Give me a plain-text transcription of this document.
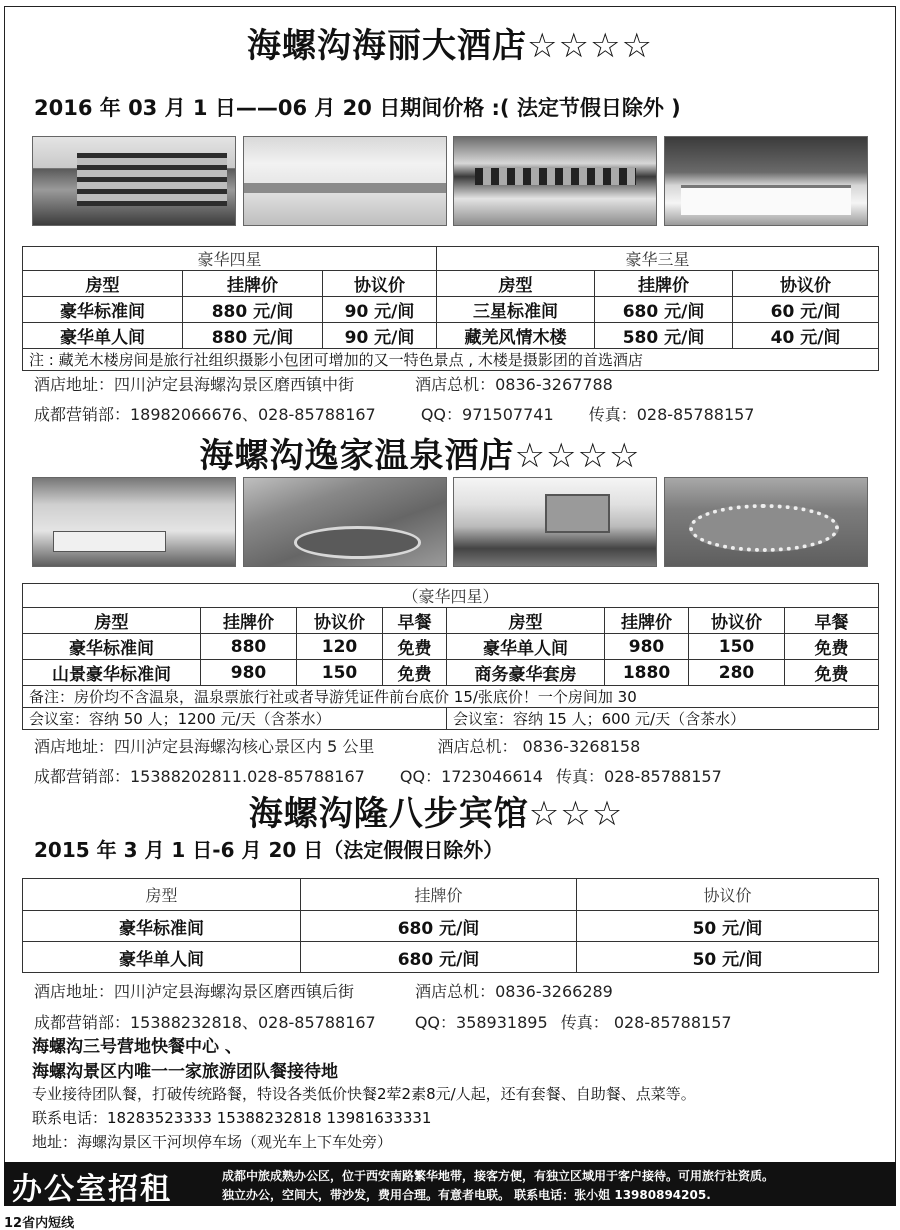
海螺沟海丽大酒店☆☆☆☆
2016 年 03 月 1 日——06 月 20 日期间价格 :( 法定节假日除外 )
豪华四星			豪华三星		
房型	挂牌价	协议价	房型	挂牌价	协议价
豪华标准间	880 元/间	90 元/间	三星标准间	680 元/间	60 元/间
豪华单人间	880 元/间	90 元/间	藏羌风情木楼	580 元/间	40 元/间
注 : 藏羌木楼房间是旅行社组织摄影小包团可增加的又一特色景点 , 木楼是摄影团的首选酒店					
酒店地址：四川泸定县海螺沟景区磨西镇中街	酒店总机：0836-3267788
成都营销部：18982066676、028-85788167	QQ：971507741 传真：028-85788157
海螺沟逸家温泉酒店☆☆☆☆
（豪华四星）							
房型	挂牌价	协议价	早餐	房型	挂牌价	协议价	早餐
豪华标准间	880	120	免费	豪华单人间	980	150	免费
山景豪华标准间	980	150	免费	商务豪华套房	1880	280	免费
备注：房价均不含温泉，温泉票旅行社或者导游凭证件前台底价 15/张底价！一个房间加 30							
会议室：容纳 50 人；1200 元/天（含茶水）				会议室：容纳 15 人；600 元/天（含茶水）			
酒店地址：四川泸定县海螺沟核心景区内 5 公里	酒店总机： 0836-3268158
成都营销部：15388202811.028-85788167 QQ：1723046614 传真：028-85788157
海螺沟隆八步宾馆☆☆☆
2015 年 3 月 1 日-6 月 20 日（法定假假日除外）
房型	挂牌价	协议价
豪华标准间	680 元/间	50 元/间
豪华单人间	680 元/间	50 元/间
酒店地址：四川泸定县海螺沟景区磨西镇后街	酒店总机：0836-3266289
成都营销部：15388232818、028-85788167 QQ：358931895 传真： 028-85788157
海螺沟三号营地快餐中心 、
海螺沟景区内唯一一家旅游团队餐接待地
专业接待团队餐，打破传统路餐，特设各类低价快餐2荤2素8元/人起，还有套餐、自助餐、点菜等。
联系电话：18283523333 15388232818 13981633331
地址：海螺沟景区干河坝停车场（观光车上下车处旁）
办公室招租	成都中旅成熟办公区，位于西安南路繁华地带，接客方便，有独立区域用于客户接待。可用旅行社资质。
独立办公，空间大，带沙发，费用合理。有意者电联。 联系电话：张小姐 13980894205.
12省内短线
